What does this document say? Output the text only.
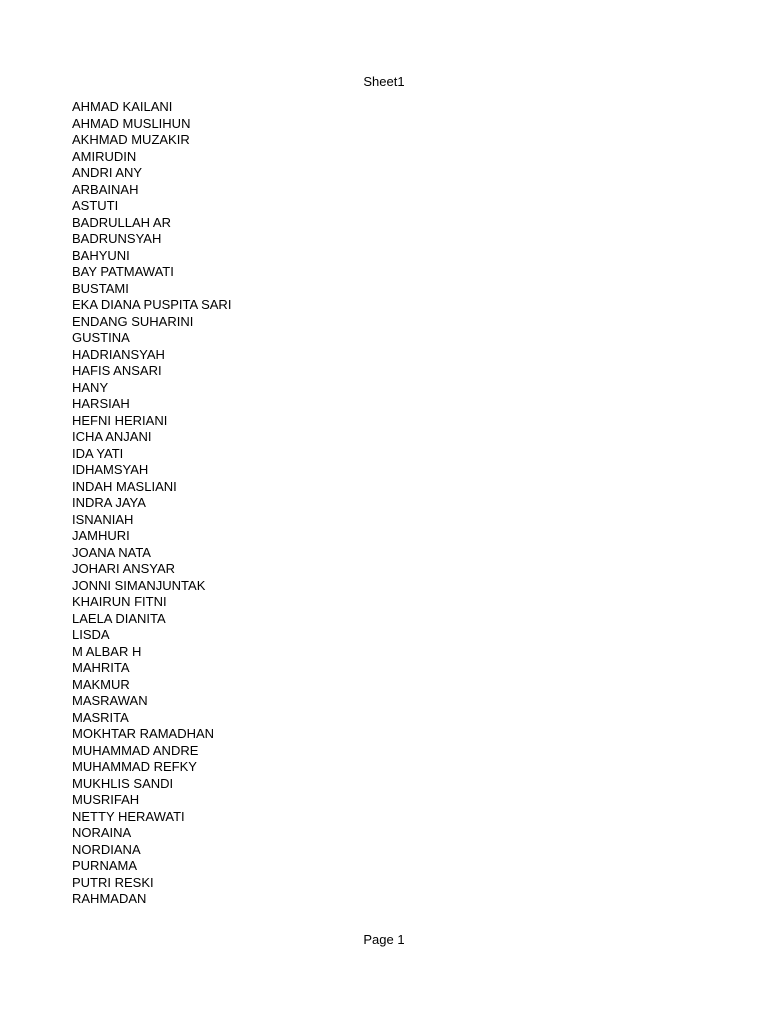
Sheet1
AHMAD KAILANI
AHMAD MUSLIHUN
AKHMAD MUZAKIR
AMIRUDIN
ANDRI ANY
ARBAINAH
ASTUTI
BADRULLAH AR
BADRUNSYAH
BAHYUNI
BAY PATMAWATI
BUSTAMI
EKA DIANA PUSPITA SARI
ENDANG SUHARINI
GUSTINA
HADRIANSYAH
HAFIS ANSARI
HANY
HARSIAH
HEFNI HERIANI
ICHA ANJANI
IDA YATI
IDHAMSYAH
INDAH MASLIANI
INDRA JAYA
ISNANIAH
JAMHURI
JOANA NATA
JOHARI ANSYAR
JONNI SIMANJUNTAK
KHAIRUN FITNI
LAELA DIANITA
LISDA
M ALBAR H
MAHRITA
MAKMUR
MASRAWAN
MASRITA
MOKHTAR RAMADHAN
MUHAMMAD ANDRE
MUHAMMAD REFKY
MUKHLIS SANDI
MUSRIFAH
NETTY HERAWATI
NORAINA
NORDIANA
PURNAMA
PUTRI RESKI
RAHMADAN
Page 1
